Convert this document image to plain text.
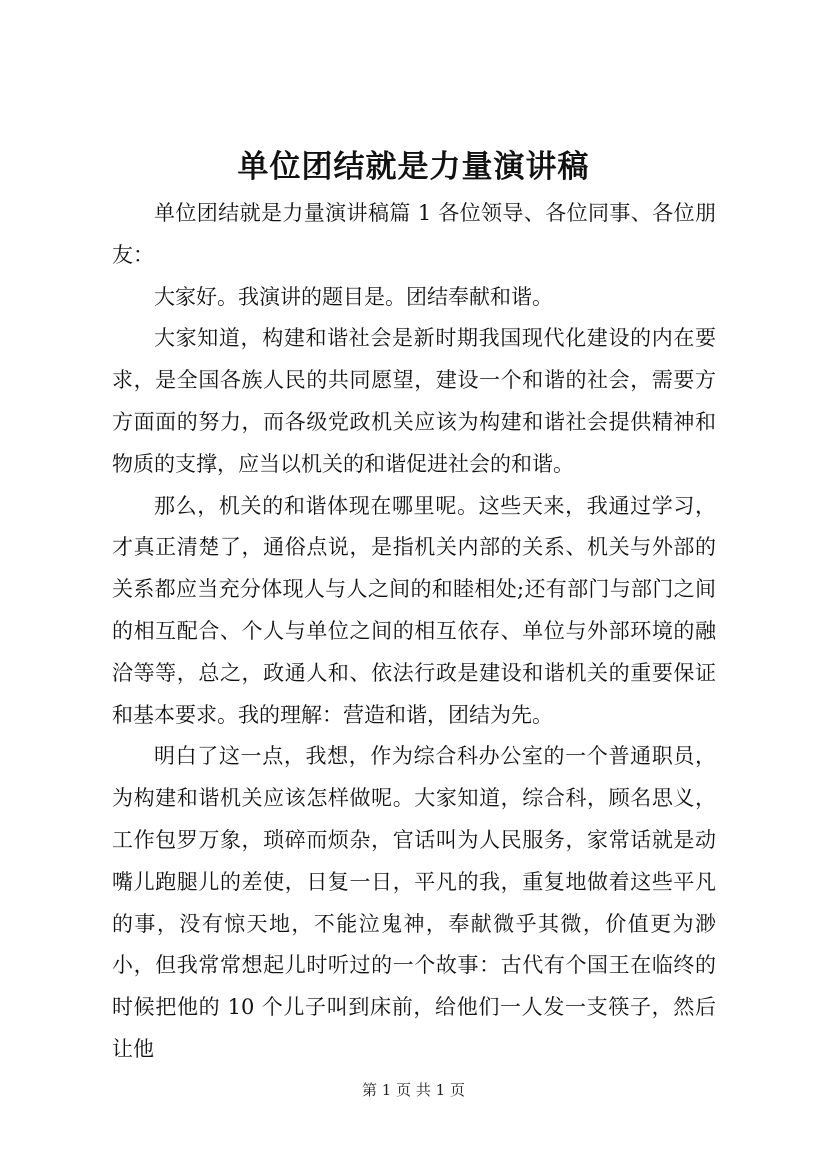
单位团结就是力量演讲稿

单位团结就是力量演讲稿篇 1 各位领导、各位同事、各位朋友：

大家好。我演讲的题目是。团结奉献和谐。

大家知道，构建和谐社会是新时期我国现代化建设的内在要求，是全国各族人民的共同愿望，建设一个和谐的社会，需要方方面面的努力，而各级党政机关应该为构建和谐社会提供精神和物质的支撑，应当以机关的和谐促进社会的和谐。

那么，机关的和谐体现在哪里呢。这些天来，我通过学习，才真正清楚了，通俗点说，是指机关内部的关系、机关与外部的关系都应当充分体现人与人之间的和睦相处;还有部门与部门之间的相互配合、个人与单位之间的相互依存、单位与外部环境的融洽等等，总之，政通人和、依法行政是建设和谐机关的重要保证和基本要求。我的理解：营造和谐，团结为先。

明白了这一点，我想，作为综合科办公室的一个普通职员，为构建和谐机关应该怎样做呢。大家知道，综合科，顾名思义，工作包罗万象，琐碎而烦杂，官话叫为人民服务，家常话就是动嘴儿跑腿儿的差使，日复一日，平凡的我，重复地做着这些平凡的事，没有惊天地，不能泣鬼神，奉献微乎其微，价值更为渺小，但我常常想起儿时听过的一个故事：古代有个国王在临终的时候把他的 10 个儿子叫到床前，给他们一人发一支筷子，然后让他

第 1 页 共 1 页
